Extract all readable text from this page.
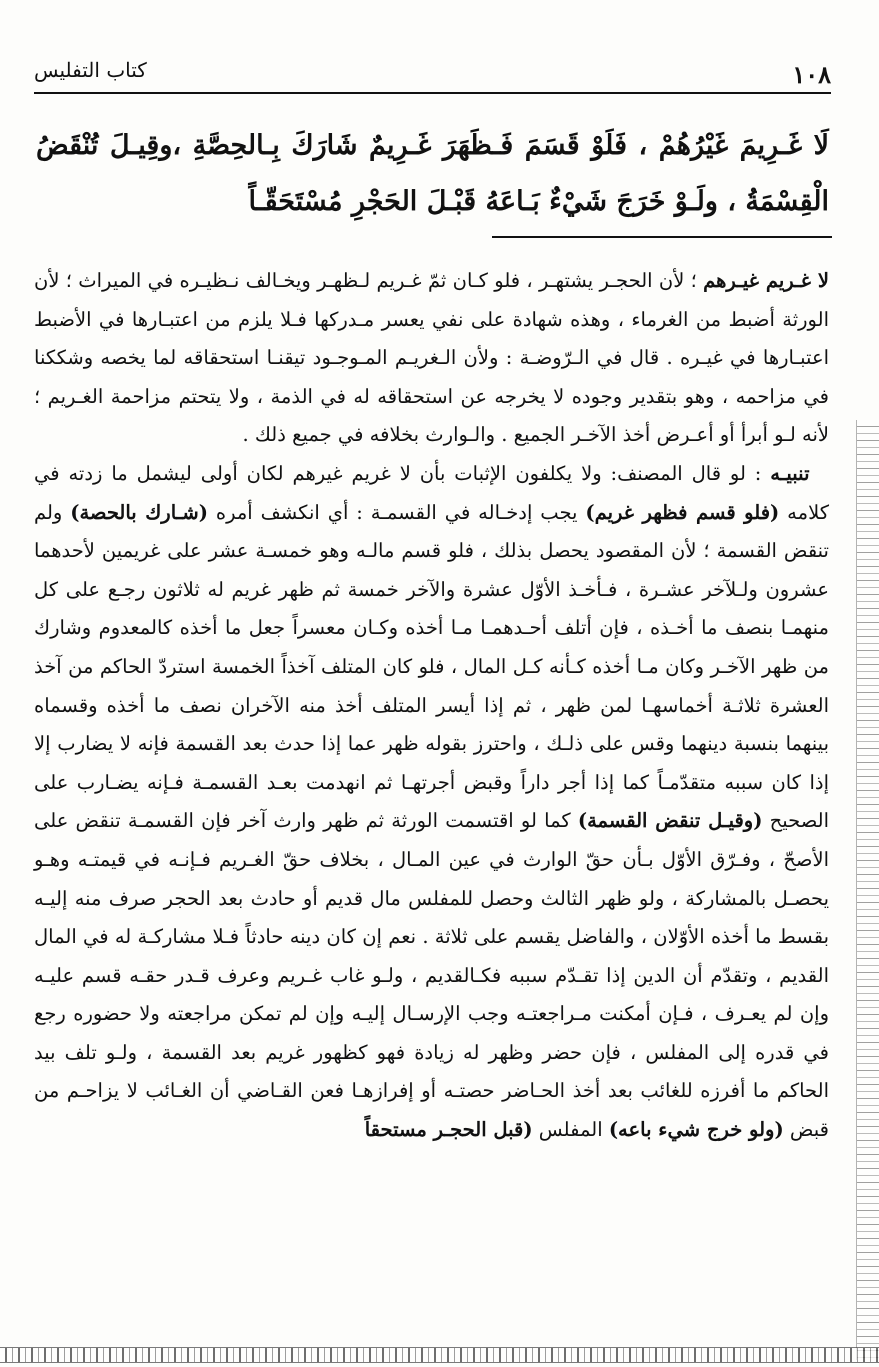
١٠٨
كتاب التفليس
لَا غَـرِيمَ غَيْرُهُمْ ، فَلَوْ قَسَمَ فَـظَهَرَ غَـرِيمٌ شَارَكَ بِـالحِصَّةِ ،وقِيـلَ تُنْقَضُ الْقِسْمَةُ ، ولَـوْ خَرَجَ شَيْءٌ بَـاعَهُ قَبْـلَ الحَجْرِ مُسْتَحَقّـاً

لا غـريم غيـرهم ؛ لأن الحجـر يشتهـر ، فلو كـان ثمّ غـريم لـظهـر ويخـالف نـظيـره في الميراث ؛ لأن الورثة أضبط من الغرماء ، وهذه شهادة على نفي يعسر مـدركها فـلا يلزم من اعتبـارها في الأضبط اعتبـارها في غيـره . قال في الـرّوضـة : ولأن الـغريـم المـوجـود تيقنـا استحقاقه لما يخصه وشككنا في مزاحمه ، وهو بتقدير وجوده لا يخرجه عن استحقاقه له في الذمة ، ولا يتحتم مزاحمة الغـريم ؛ لأنه لـو أبرأ أو أعـرض أخذ الآخـر الجميع . والـوارث بخلافه في جميع ذلك .

 تنبيـه : لو قال المصنف: ولا يكلفون الإثبات بأن لا غريم غيرهم لكان أولى ليشمل ما زدته في كلامه (فلو قسم فظهر غريم) يجب إدخـاله في القسمـة : أي انكشف أمره (شـارك بالحصة) ولم تنقض القسمة ؛ لأن المقصود يحصل بذلك ، فلو قسم مالـه وهو خمسـة عشر على غريمين لأحدهما عشرون ولـلآخر عشـرة ، فـأخـذ الأوّل عشرة والآخر خمسة ثم ظهر غريم له ثلاثون رجـع على كل منهمـا بنصف ما أخـذه ، فإن أتلف أحـدهمـا مـا أخذه وكـان معسراً جعل ما أخذه كالمعدوم وشارك من ظهر الآخـر وكان مـا أخذه كـأنه كـل المال ، فلو كان المتلف آخذاً الخمسة استردّ الحاكم من آخذ العشرة ثلاثـة أخماسهـا لمن ظهر ، ثم إذا أيسر المتلف أخذ منه الآخران نصف ما أخذه وقسماه بينهما بنسبة دينهما وقس على ذلـك ، واحترز بقوله ظهر عما إذا حدث بعد القسمة فإنه لا يضارب إلا إذا كان سببه متقدّمـاً كما إذا أجر داراً وقبض أجرتهـا ثم انهدمت بعـد القسمـة فـإنه يضـارب على الصحيح (وقيـل تنقض القسمة) كما لو اقتسمت الورثة ثم ظهر وارث آخر فإن القسمـة تنقض على الأصحّ ، وفـرّق الأوّل بـأن حقّ الوارث في عين المـال ، بخلاف حقّ الغـريم فـإنـه في قيمتـه وهـو يحصـل بالمشاركة ، ولو ظهر الثالث وحصل للمفلس مال قديم أو حادث بعد الحجر صرف منه إليـه بقسط ما أخذه الأوّلان ، والفاضل يقسم على ثلاثة . نعم إن كان دينه حادثاً فـلا مشاركـة له في المال القديم ، وتقدّم أن الدين إذا تقـدّم سببه فكـالقديم ، ولـو غاب غـريم وعرف قـدر حقـه قسم عليـه وإن لم يعـرف ، فـإن أمكنت مـراجعتـه وجب الإرسـال إليـه وإن لم تمكن مراجعته ولا حضوره رجع في قدره إلى المفلس ، فإن حضر وظهر له زيادة فهو كظهور غريم بعد القسمة ، ولـو تلف بيد الحاكم ما أفرزه للغائب بعد أخذ الحـاضر حصتـه أو إفرازهـا فعن القـاضي أن الغـائب لا يزاحـم من قبض (ولو خرج شيء باعه) المفلس (قبل الحجـر مستحقاً
